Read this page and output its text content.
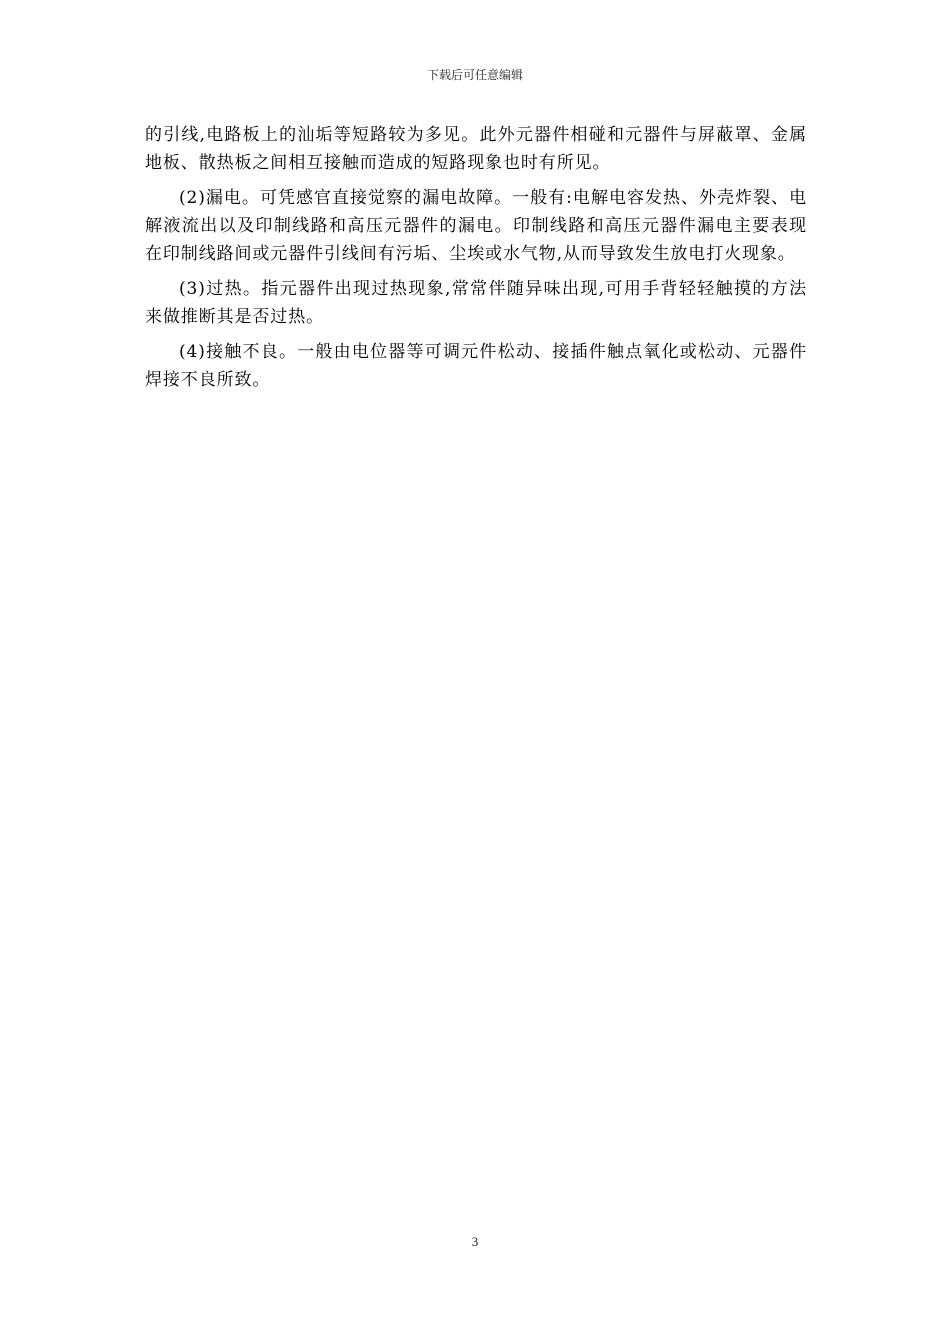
下载后可任意编辑

的引线,电路板上的汕垢等短路较为多见。此外元器件相碰和元器件与屏蔽罩、金属地板、散热板之间相互接触而造成的短路现象也时有所见。

(2)漏电。可凭感官直接觉察的漏电故障。一般有:电解电容发热、外壳炸裂、电解液流出以及印制线路和高压元器件的漏电。印制线路和高压元器件漏电主要表现在印制线路间或元器件引线间有污垢、尘埃或水气物,从而导致发生放电打火现象。

(3)过热。指元器件出现过热现象,常常伴随异味出现,可用手背轻轻触摸的方法来做推断其是否过热。

(4)接触不良。一般由电位器等可调元件松动、接插件触点氧化或松动、元器件焊接不良所致。

3
